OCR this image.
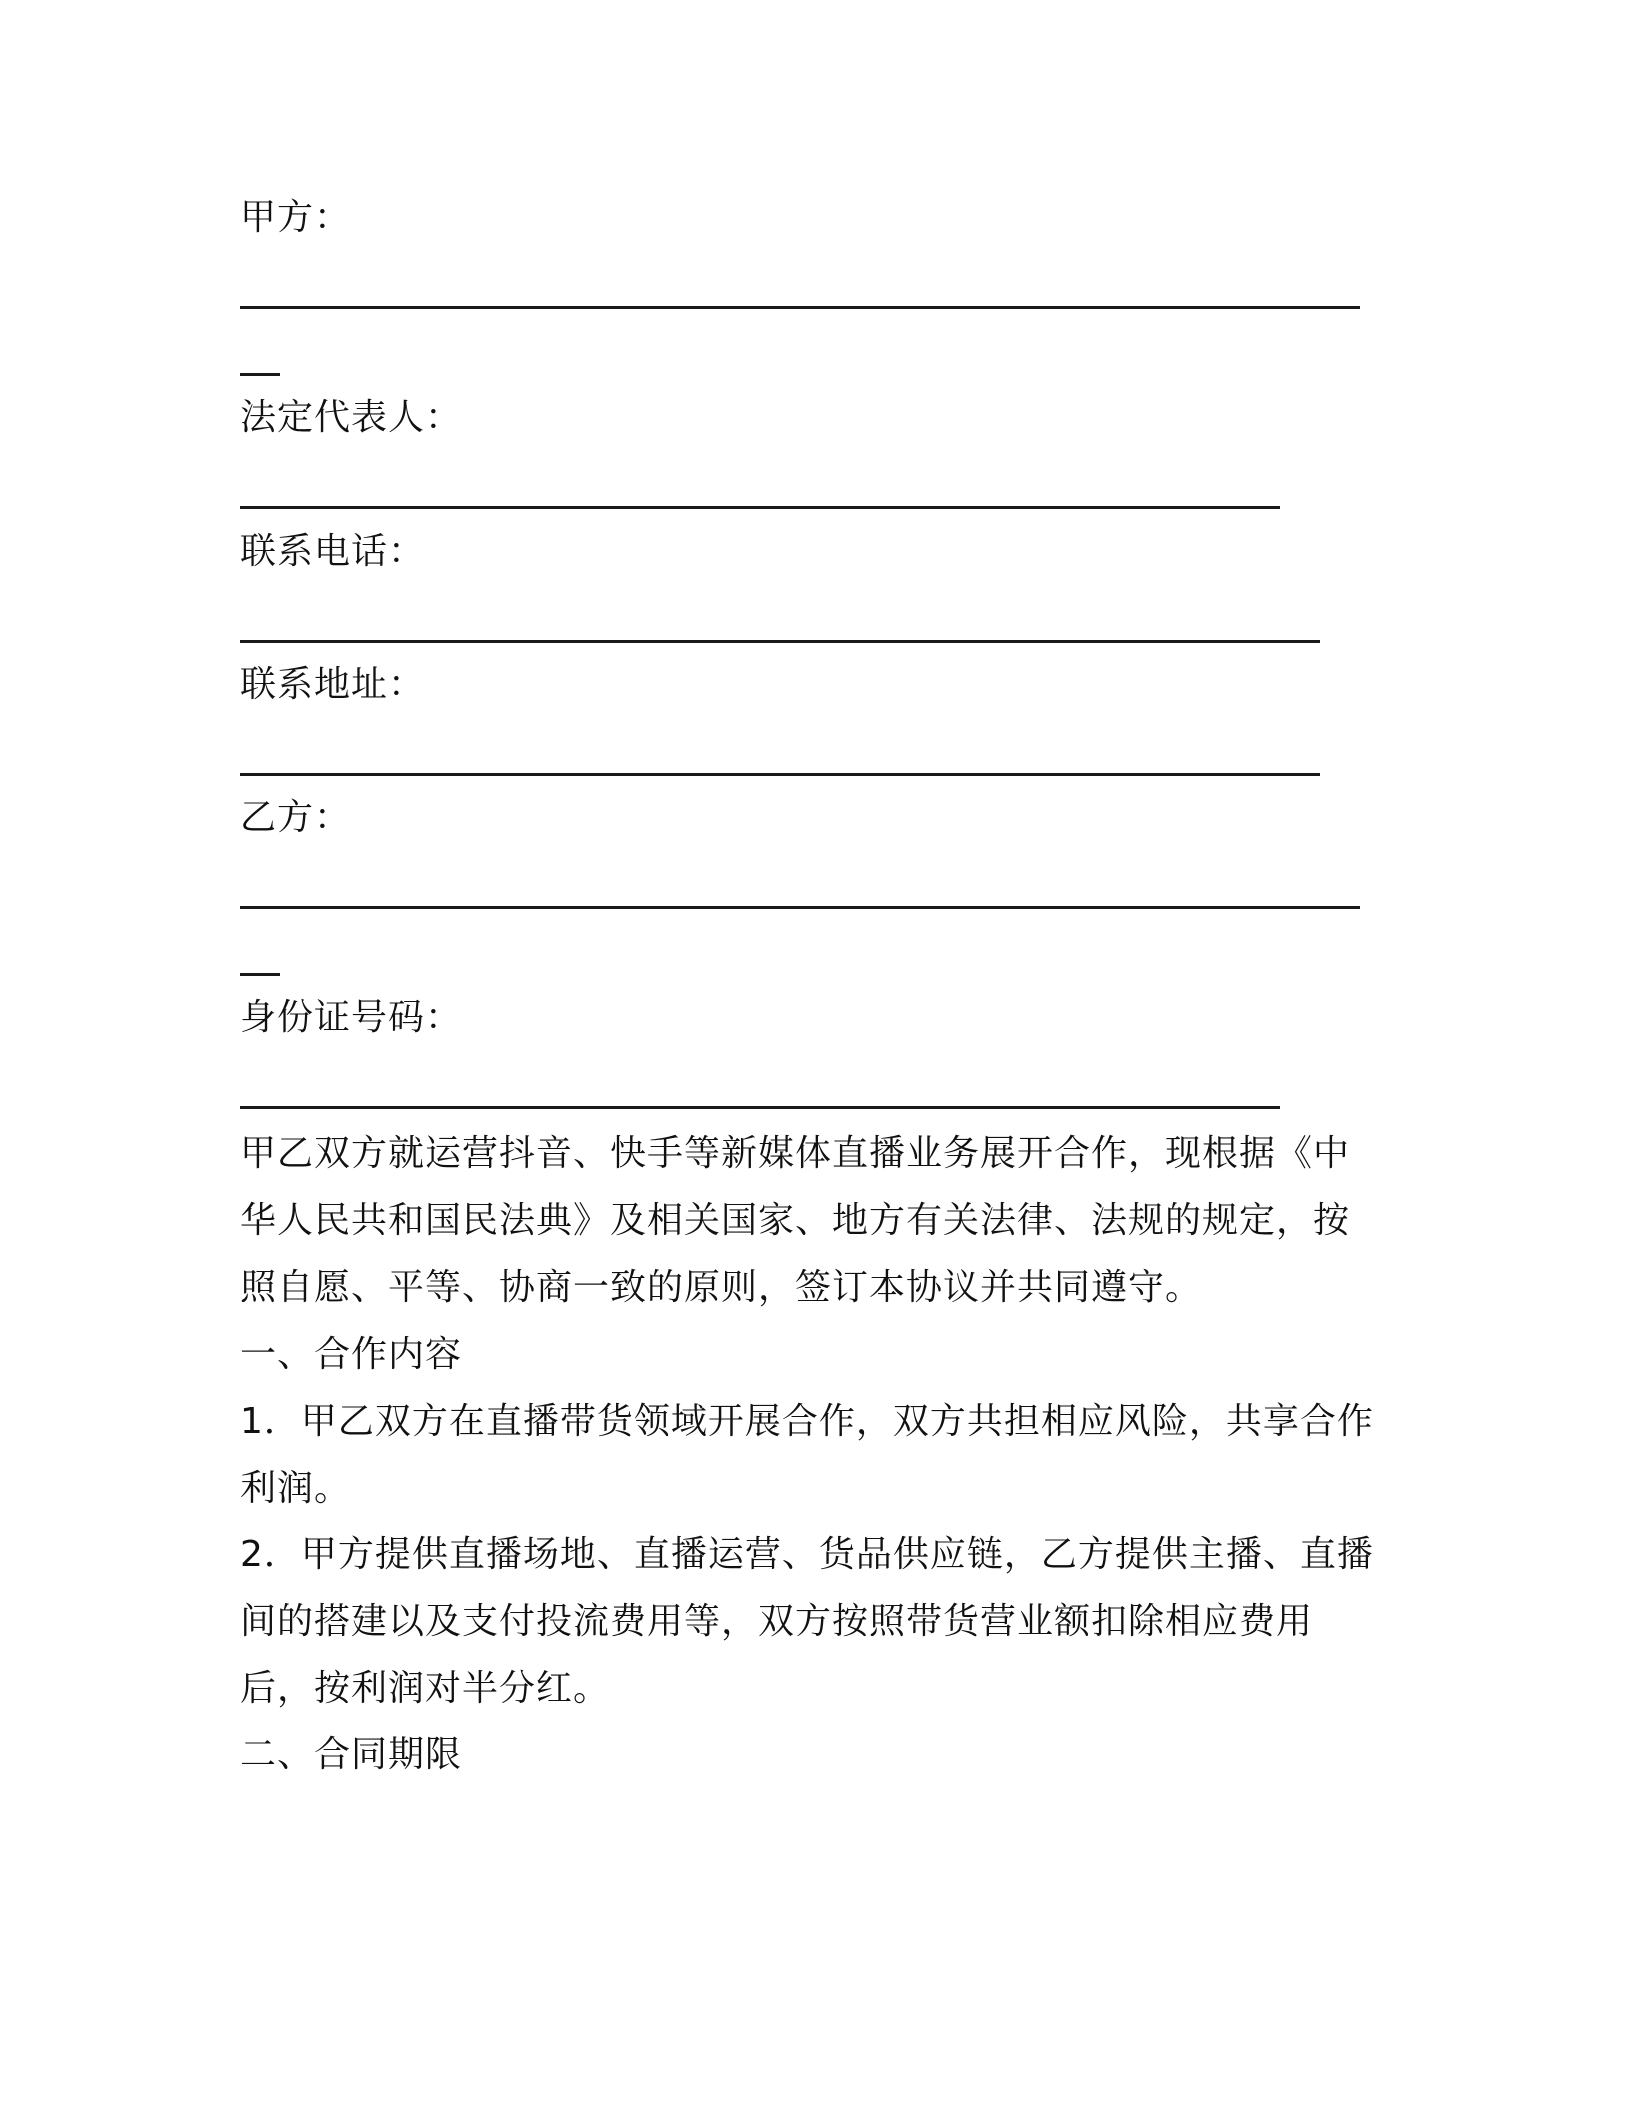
甲方：
法定代表人：
联系电话：
联系地址：
乙方：
身份证号码：
甲乙双方就运营抖音、快手等新媒体直播业务展开合作，现根据《中
华人民共和国民法典》及相关国家、地方有关法律、法规的规定，按
照自愿、平等、协商一致的原则，签订本协议并共同遵守。
一、合作内容
1．甲乙双方在直播带货领域开展合作，双方共担相应风险，共享合作
利润。
2．甲方提供直播场地、直播运营、货品供应链，乙方提供主播、直播
间的搭建以及支付投流费用等，双方按照带货营业额扣除相应费用
后，按利润对半分红。
二、合同期限
